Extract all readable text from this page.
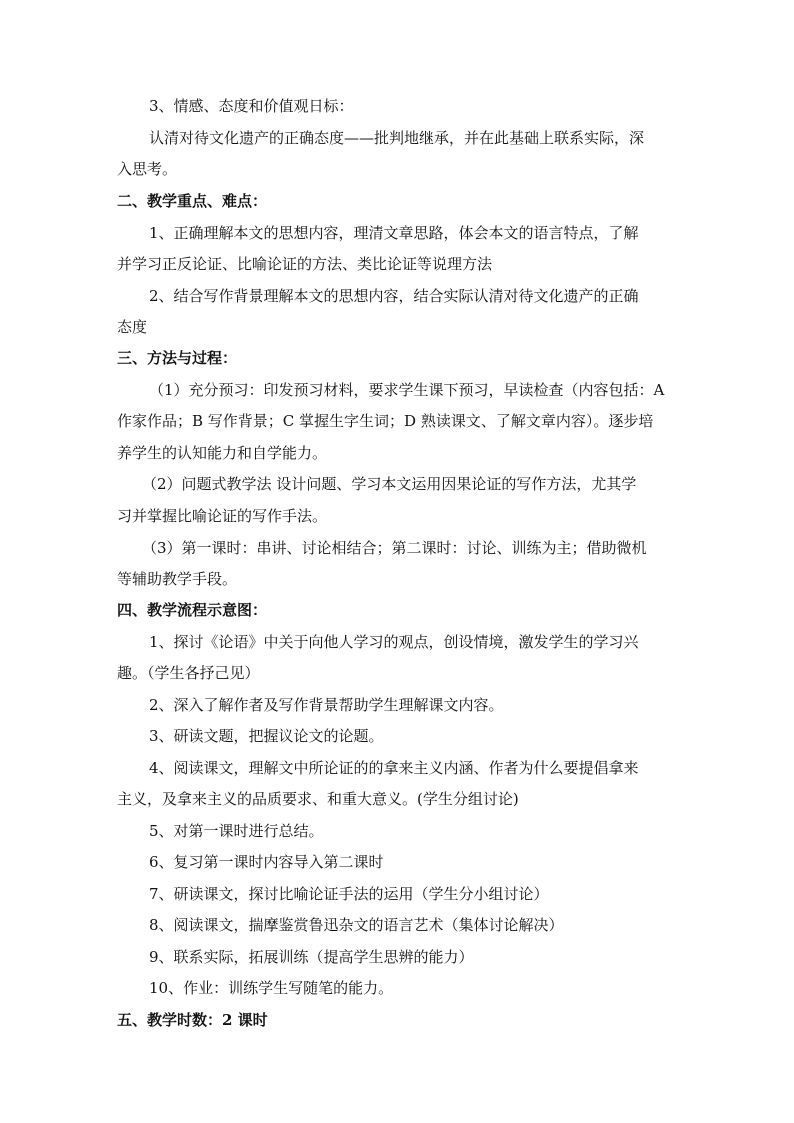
3、情感、态度和价值观日标：
认清对待文化遗产的正确态度——批判地继承，并在此基础上联系实际，深
入思考。
二、教学重点、难点：
1、正确理解本文的思想内容，理清文章思路，体会本文的语言特点，了解
并学习正反论证、比喻论证的方法、类比论证等说理方法
2、结合写作背景理解本文的思想内容，结合实际认清对待文化遗产的正确
态度
三、方法与过程：
（1）充分预习：印发预习材料，要求学生课下预习，早读检查（内容包括：A
作家作品；B 写作背景；C 掌握生字生词；D 熟读课文、了解文章内容）。逐步培
养学生的认知能力和自学能力。
（2）问题式教学法 设计问题、学习本文运用因果论证的写作方法，尤其学
习并掌握比喻论证的写作手法。
（3）第一课时：串讲、讨论相结合；第二课时：讨论、训练为主；借助微机
等辅助教学手段。
四、教学流程示意图：
1、探讨《论语》中关于向他人学习的观点，创设情境，激发学生的学习兴
趣。（学生各抒己见）
2、深入了解作者及写作背景帮助学生理解课文内容。
3、研读文题，把握议论文的论题。
4、阅读课文，理解文中所论证的的拿来主义内涵、作者为什么要提倡拿来
主义，及拿来主义的品质要求、和重大意义。(学生分组讨论)
5、对第一课时进行总结。
6、复习第一课时内容导入第二课时
7、研读课文，探讨比喻论证手法的运用（学生分小组讨论）
8、阅读课文，揣摩鉴赏鲁迅杂文的语言艺术（集体讨论解决）
9、联系实际，拓展训练（提高学生思辨的能力）
10、作业：训练学生写随笔的能力。
五、教学时数：2 课时
